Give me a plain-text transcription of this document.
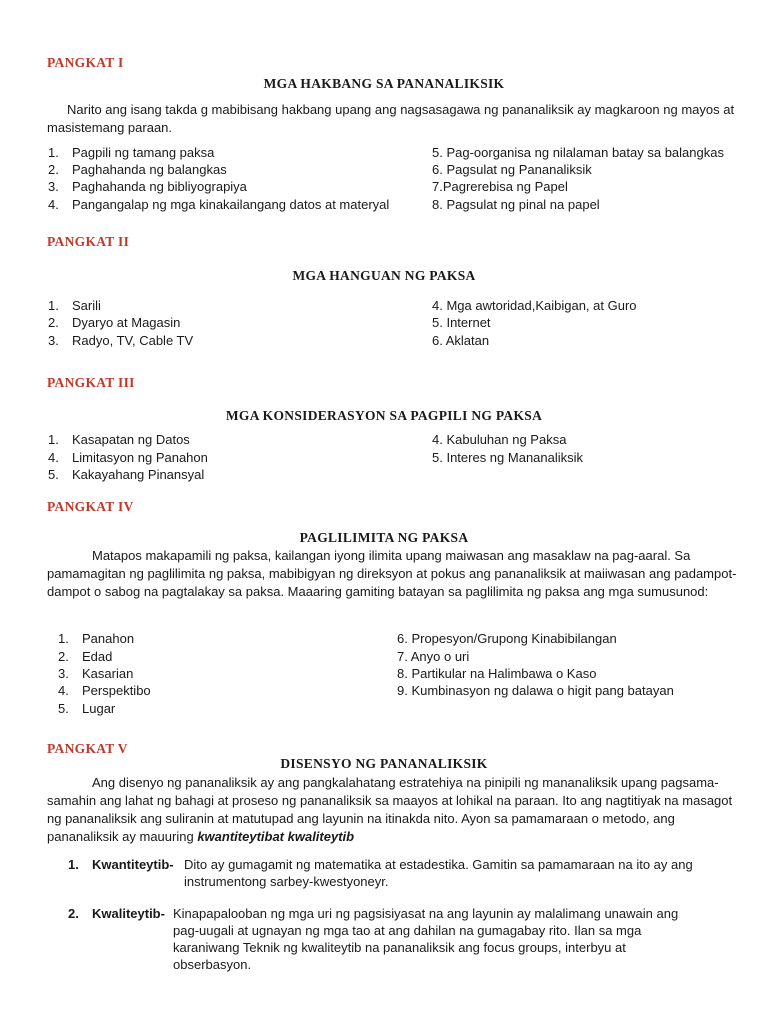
PANGKAT I
MGA HAKBANG SA PANANALIKSIK
Narito ang isang takda g mabibisang hakbang upang ang nagsasagawa ng pananaliksik ay magkaroon ng mayos at masistemang paraan.
1. Pagpili ng tamang paksa
2. Paghahanda ng balangkas
3. Paghahanda ng bibliyograpiya
4. Pangangalap ng mga kinakailangang datos at materyal
5. Pag-oorganisa ng nilalaman batay sa balangkas
6. Pagsulat ng Pananaliksik
7.Pagrerebisa ng Papel
8. Pagsulat ng pinal na papel
PANGKAT II
MGA HANGUAN NG PAKSA
1. Sarili
2. Dyaryo at Magasin
3. Radyo, TV, Cable TV
4. Mga awtoridad,Kaibigan, at Guro
5. Internet
6. Aklatan
PANGKAT III
MGA KONSIDERASYON SA PAGPILI NG PAKSA
1. Kasapatan ng Datos
4. Limitasyon ng Panahon
5. Kakayahang Pinansyal
4. Kabuluhan ng Paksa
5. Interes ng Mananaliksik
PANGKAT IV
PAGLILIMITA NG PAKSA
Matapos makapamili ng paksa, kailangan iyong ilimita upang maiwasan ang masaklaw na pag-aaral. Sa pamamagitan ng paglilimita ng paksa, mabibigyan ng direksyon at pokus ang pananaliksik at maiiwasan ang padampot-dampot o sabog na pagtalakay sa paksa. Maaaring gamiting batayan sa paglilimita ng paksa ang mga sumusunod:
1. Panahon
2. Edad
3. Kasarian
4. Perspektibo
5. Lugar
6. Propesyon/Grupong Kinabibilangan
7. Anyo o uri
8. Partikular na Halimbawa o Kaso
9. Kumbinasyon ng dalawa o higit pang batayan
PANGKAT V
DISENSYO NG PANANALIKSIK
Ang disenyo ng pananaliksik ay ang pangkalahatang estratehiya na pinipili ng mananaliksik upang pagsama- samahin ang lahat ng bahagi at proseso ng pananaliksik sa maayos at lohikal na paraan. Ito ang nagtitiyak na masagot ng pananaliksik ang suliranin at matutupad ang layunin na itinakda nito. Ayon sa pamamaraan o metodo, ang pananaliksik ay mauuring kwantiteytibat kwaliteytib
1. Kwantiteytib- Dito ay gumagamit ng matematika at estadestika. Gamitin sa pamamaraan na ito ay ang
instrumentong sarbey-kwestyoneyr.
2. Kwaliteytib- Kinapapalooban ng mga uri ng pagsisiyasat na ang layunin ay malalimang unawain ang
pag-uugali at ugnayan ng mga tao at ang dahilan na gumagabay rito. Ilan sa mga
karaniwang Teknik ng kwaliteytib na pananaliksik ang focus groups, interbyu at
obserbasyon.
